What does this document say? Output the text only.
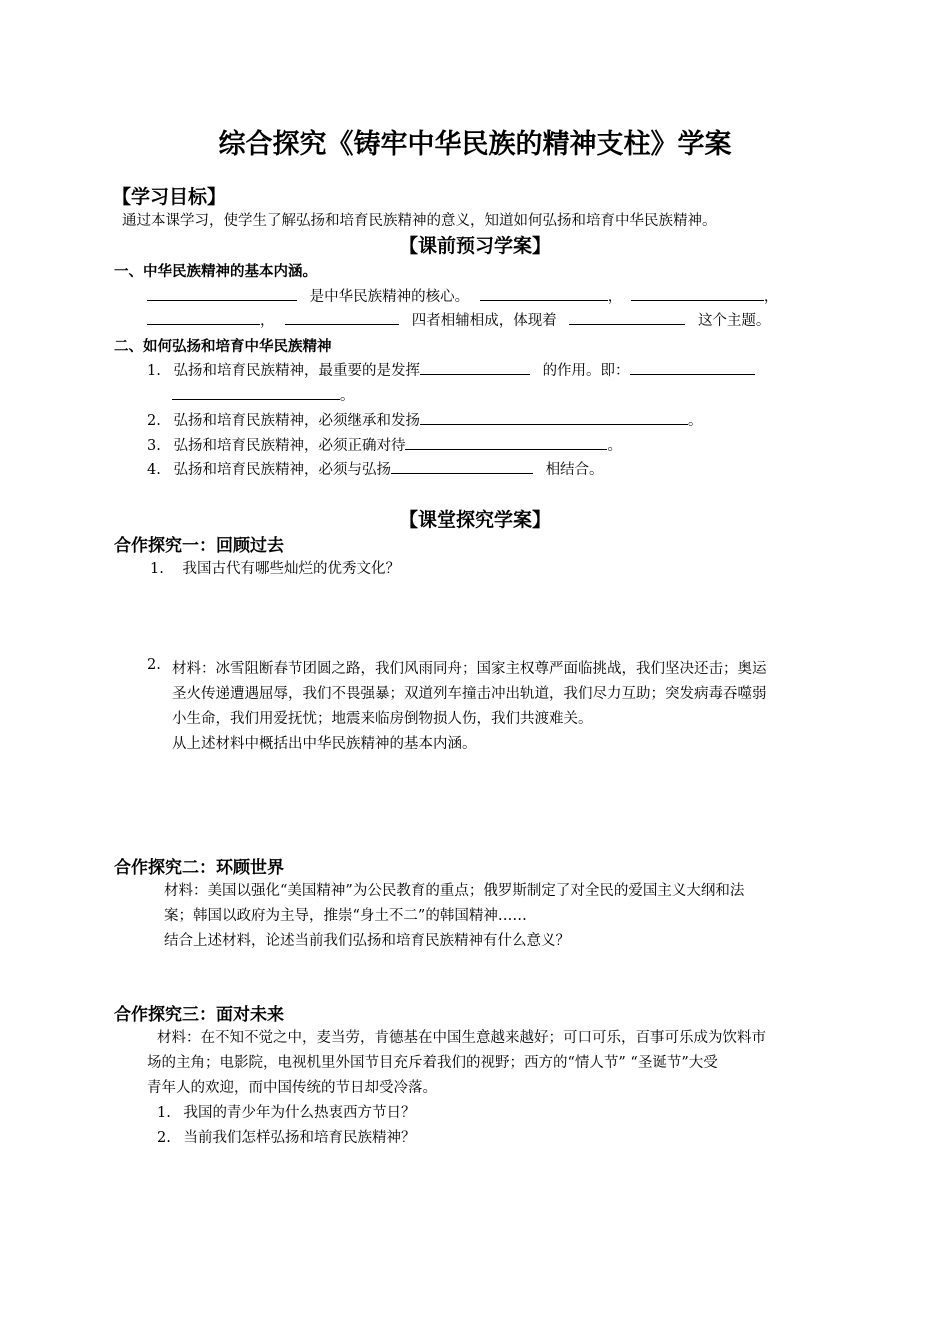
综合探究《铸牢中华民族的精神支柱》学案
【学习目标】
通过本课学习，使学生了解弘扬和培育民族精神的意义，知道如何弘扬和培育中华民族精神。
【课前预习学案】
一、中华民族精神的基本内涵。
是中华民族精神的核心。	，	，
，	四者相辅相成，体现着	这个主题。
二、如何弘扬和培育中华民族精神
1. 弘扬和培育民族精神，最重要的是发挥	的作用。即：
。
2. 弘扬和培育民族精神，必须继承和发扬	。
3. 弘扬和培育民族精神，必须正确对待	。
4. 弘扬和培育民族精神，必须与弘扬	相结合。
【课堂探究学案】
合作探究一：回顾过去
1. 我国古代有哪些灿烂的优秀文化？
2. 材料：冰雪阻断春节团圆之路，我们风雨同舟；国家主权尊严面临挑战，我们坚决还击；奥运
圣火传递遭遇屈辱，我们不畏强暴；双道列车撞击冲出轨道，我们尽力互助；突发病毒吞噬弱
小生命，我们用爱抚忧；地震来临房倒物损人伤，我们共渡难关。
从上述材料中概括出中华民族精神的基本内涵。
合作探究二：环顾世界
材料：美国以强化“美国精神”为公民教育的重点；俄罗斯制定了对全民的爱国主义大纲和法
案；韩国以政府为主导，推崇“身土不二”的韩国精神……
结合上述材料，论述当前我们弘扬和培育民族精神有什么意义？
合作探究三：面对未来
材料：在不知不觉之中，麦当劳，肯德基在中国生意越来越好；可口可乐，百事可乐成为饮料市
场的主角；电影院，电视机里外国节目充斥着我们的视野；西方的“情人节” “圣诞节”大受
青年人的欢迎，而中国传统的节日却受冷落。
1. 我国的青少年为什么热衷西方节日？
2. 当前我们怎样弘扬和培育民族精神？
